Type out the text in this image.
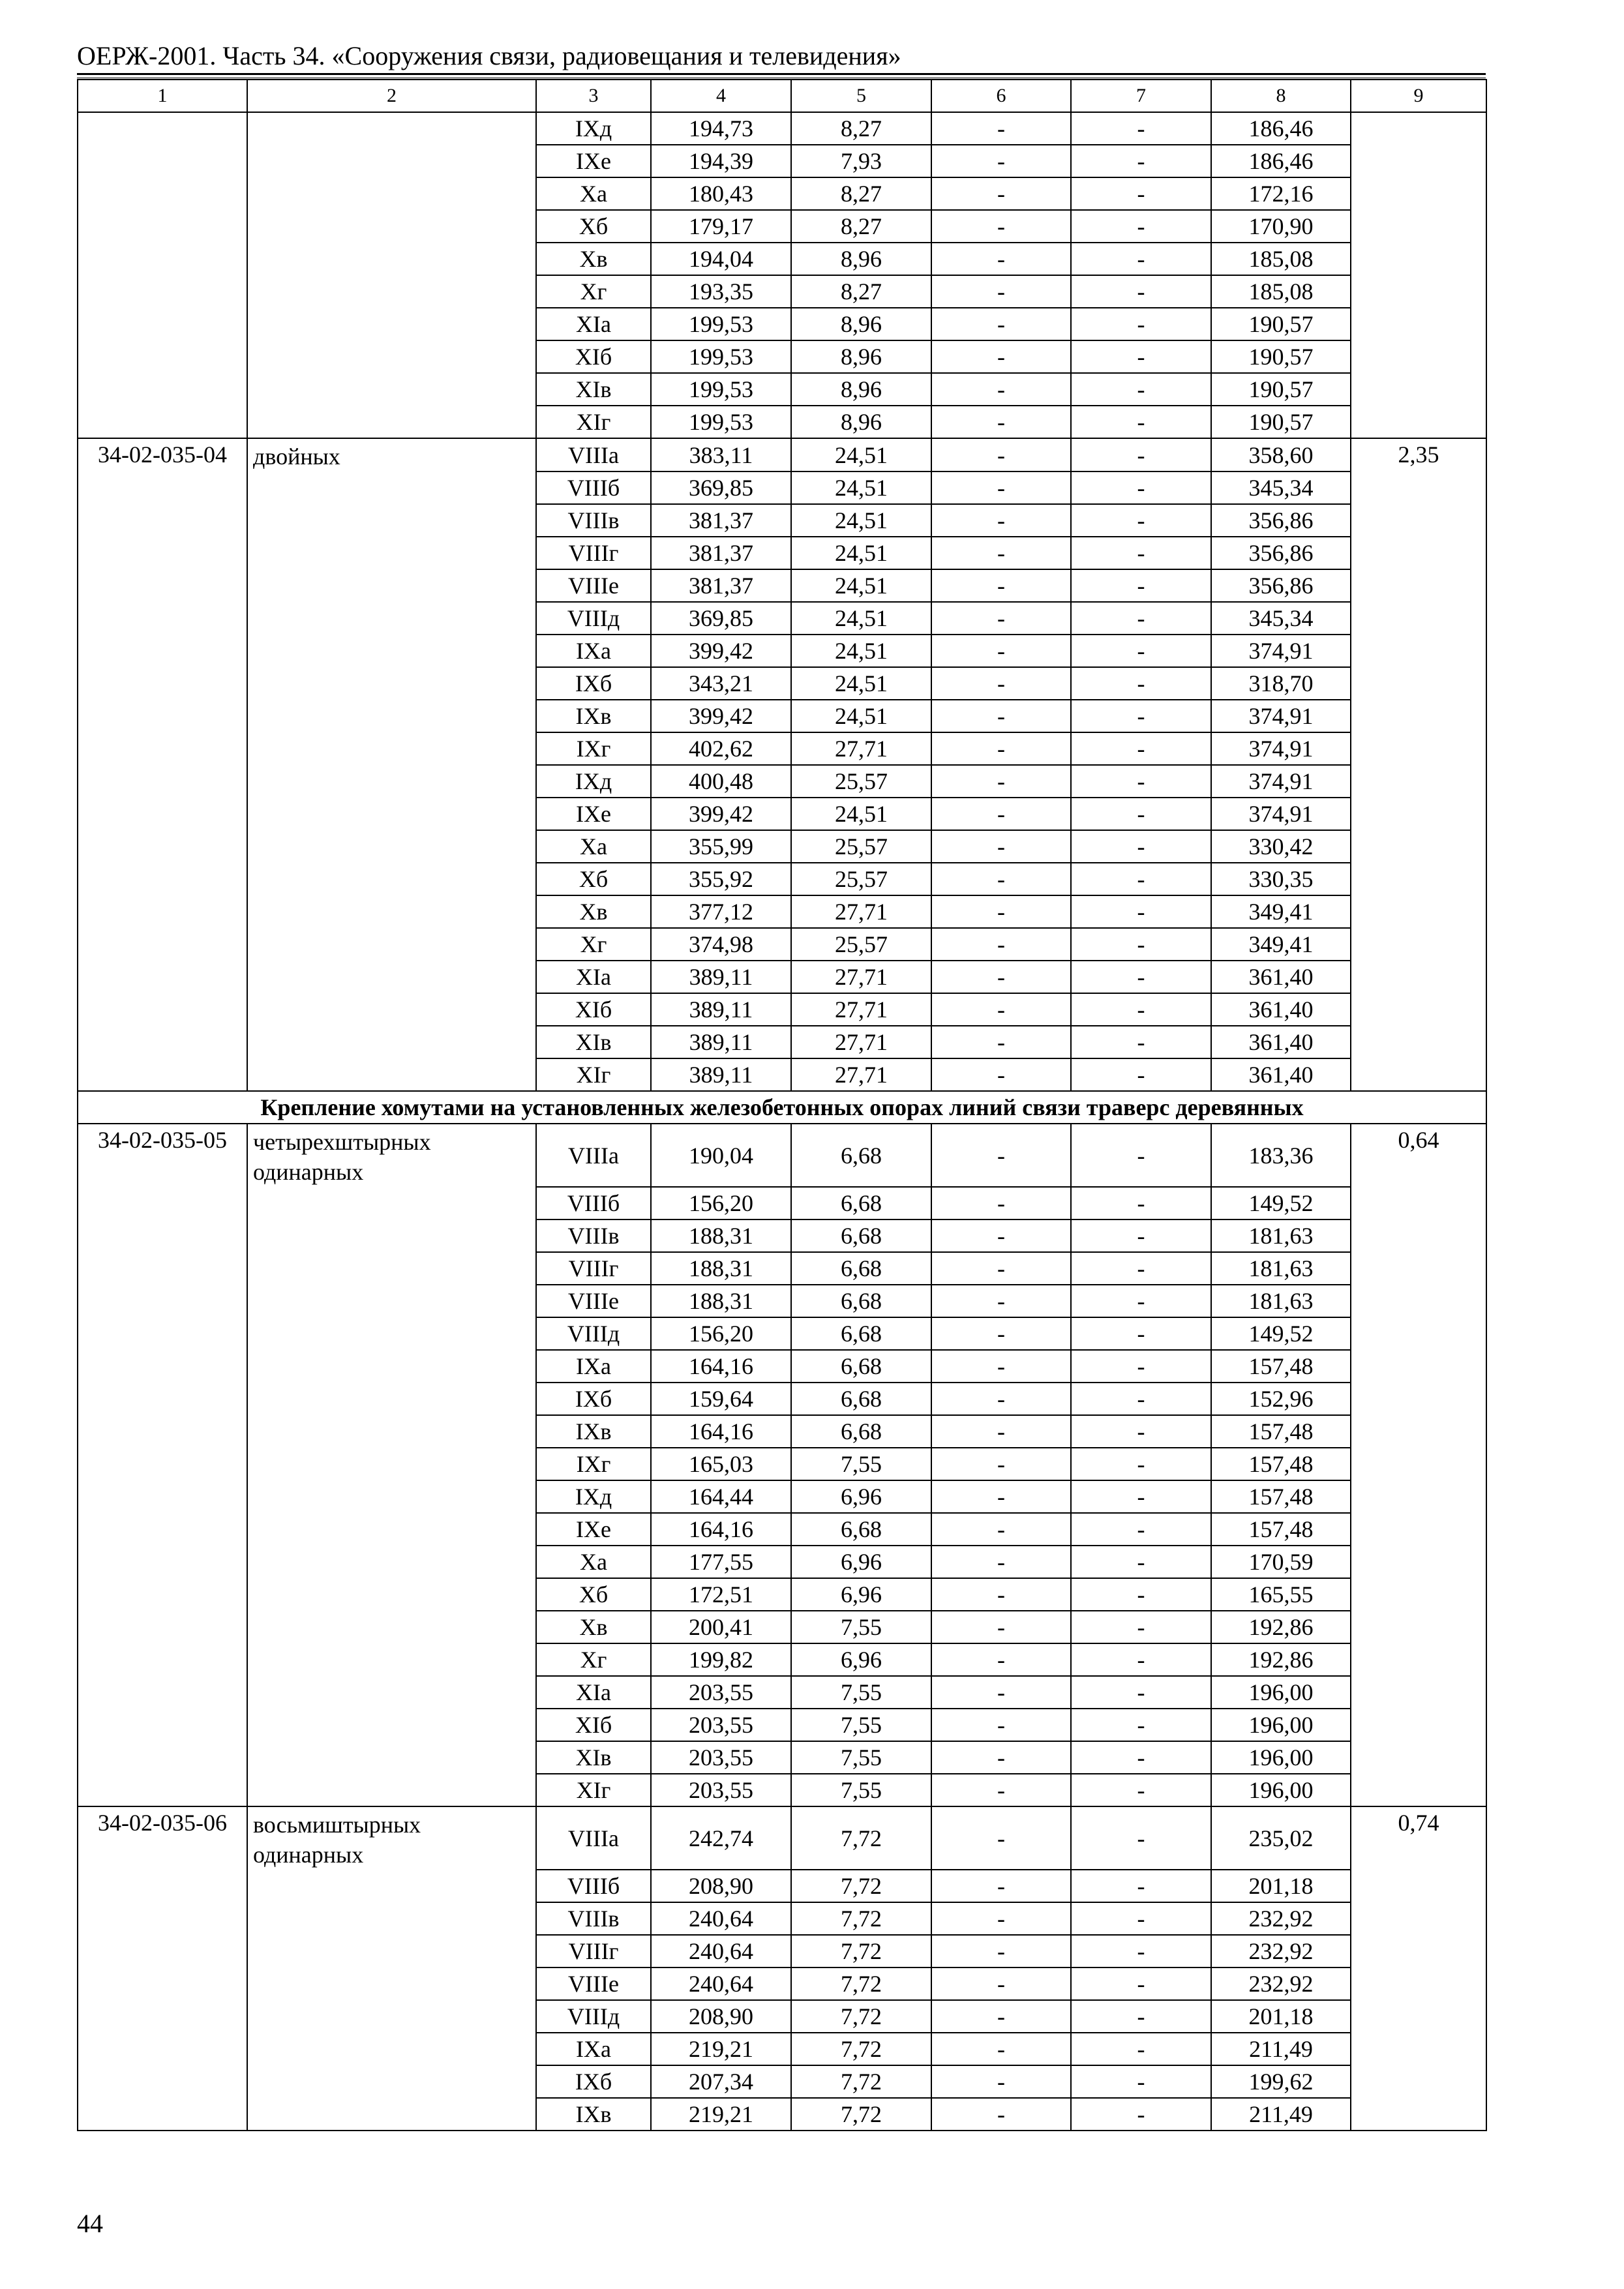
ОЕРЖ-2001. Часть 34. «Сооружения связи, радиовещания и телевидения»
1	2	3	4	5	6	7	8	9
		IXд	194,73	8,27	-	-	186,46	
		IXe	194,39	7,93	-	-	186,46	
		Xa	180,43	8,27	-	-	172,16	
		Xб	179,17	8,27	-	-	170,90	
		Xв	194,04	8,96	-	-	185,08	
		Xг	193,35	8,27	-	-	185,08	
		XIa	199,53	8,96	-	-	190,57	
		XIб	199,53	8,96	-	-	190,57	
		XIв	199,53	8,96	-	-	190,57	
		XIг	199,53	8,96	-	-	190,57	
34-02-035-04	двойных	VIIIa	383,11	24,51	-	-	358,60	2,35
		VIIIб	369,85	24,51	-	-	345,34	
		VIIIв	381,37	24,51	-	-	356,86	
		VIIIг	381,37	24,51	-	-	356,86	
		VIIIe	381,37	24,51	-	-	356,86	
		VIIIд	369,85	24,51	-	-	345,34	
		IXa	399,42	24,51	-	-	374,91	
		IXб	343,21	24,51	-	-	318,70	
		IXв	399,42	24,51	-	-	374,91	
		IXг	402,62	27,71	-	-	374,91	
		IXд	400,48	25,57	-	-	374,91	
		IXe	399,42	24,51	-	-	374,91	
		Xa	355,99	25,57	-	-	330,42	
		Xб	355,92	25,57	-	-	330,35	
		Xв	377,12	27,71	-	-	349,41	
		Xг	374,98	25,57	-	-	349,41	
		XIa	389,11	27,71	-	-	361,40	
		XIб	389,11	27,71	-	-	361,40	
		XIв	389,11	27,71	-	-	361,40	
		XIг	389,11	27,71	-	-	361,40	
Крепление хомутами на установленных железобетонных опорах линий связи траверс деревянных								
34-02-035-05	четырехштырных одинарных	VIIIa	190,04	6,68	-	-	183,36	0,64
		VIIIб	156,20	6,68	-	-	149,52	
		VIIIв	188,31	6,68	-	-	181,63	
		VIIIг	188,31	6,68	-	-	181,63	
		VIIIe	188,31	6,68	-	-	181,63	
		VIIIд	156,20	6,68	-	-	149,52	
		IXa	164,16	6,68	-	-	157,48	
		IXб	159,64	6,68	-	-	152,96	
		IXв	164,16	6,68	-	-	157,48	
		IXг	165,03	7,55	-	-	157,48	
		IXд	164,44	6,96	-	-	157,48	
		IXe	164,16	6,68	-	-	157,48	
		Xa	177,55	6,96	-	-	170,59	
		Xб	172,51	6,96	-	-	165,55	
		Xв	200,41	7,55	-	-	192,86	
		Xг	199,82	6,96	-	-	192,86	
		XIa	203,55	7,55	-	-	196,00	
		XIб	203,55	7,55	-	-	196,00	
		XIв	203,55	7,55	-	-	196,00	
		XIг	203,55	7,55	-	-	196,00	
34-02-035-06	восьмиштырных одинарных	VIIIa	242,74	7,72	-	-	235,02	0,74
		VIIIб	208,90	7,72	-	-	201,18	
		VIIIв	240,64	7,72	-	-	232,92	
		VIIIг	240,64	7,72	-	-	232,92	
		VIIIe	240,64	7,72	-	-	232,92	
		VIIIд	208,90	7,72	-	-	201,18	
		IXa	219,21	7,72	-	-	211,49	
		IXб	207,34	7,72	-	-	199,62	
		IXв	219,21	7,72	-	-	211,49	
44
